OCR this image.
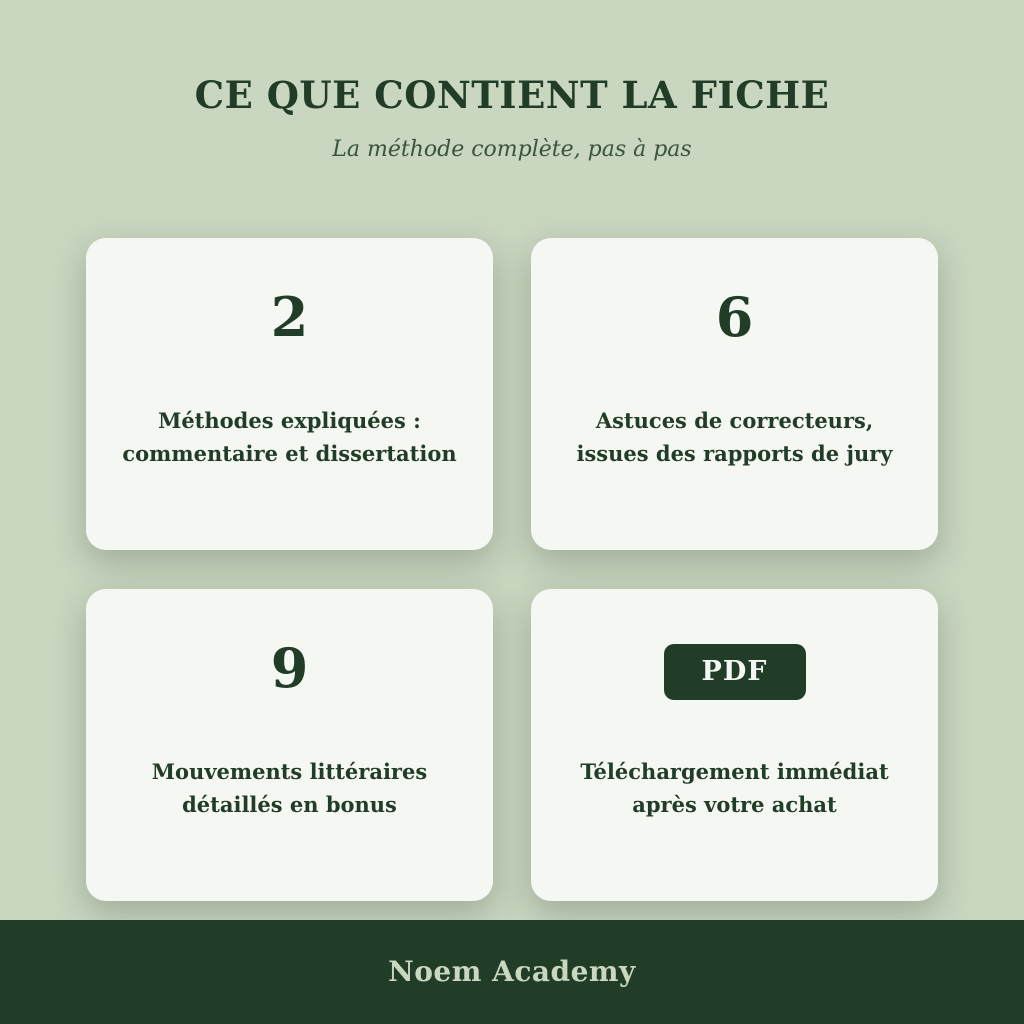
CE QUE CONTIENT LA FICHE

La méthode complète, pas à pas

2
Méthodes expliquées :
commentaire et dissertation
6
Astuces de correcteurs,
issues des rapports de jury
9
Mouvements littéraires
détaillés en bonus
PDF
Téléchargement immédiat
après votre achat
Noem Academy
